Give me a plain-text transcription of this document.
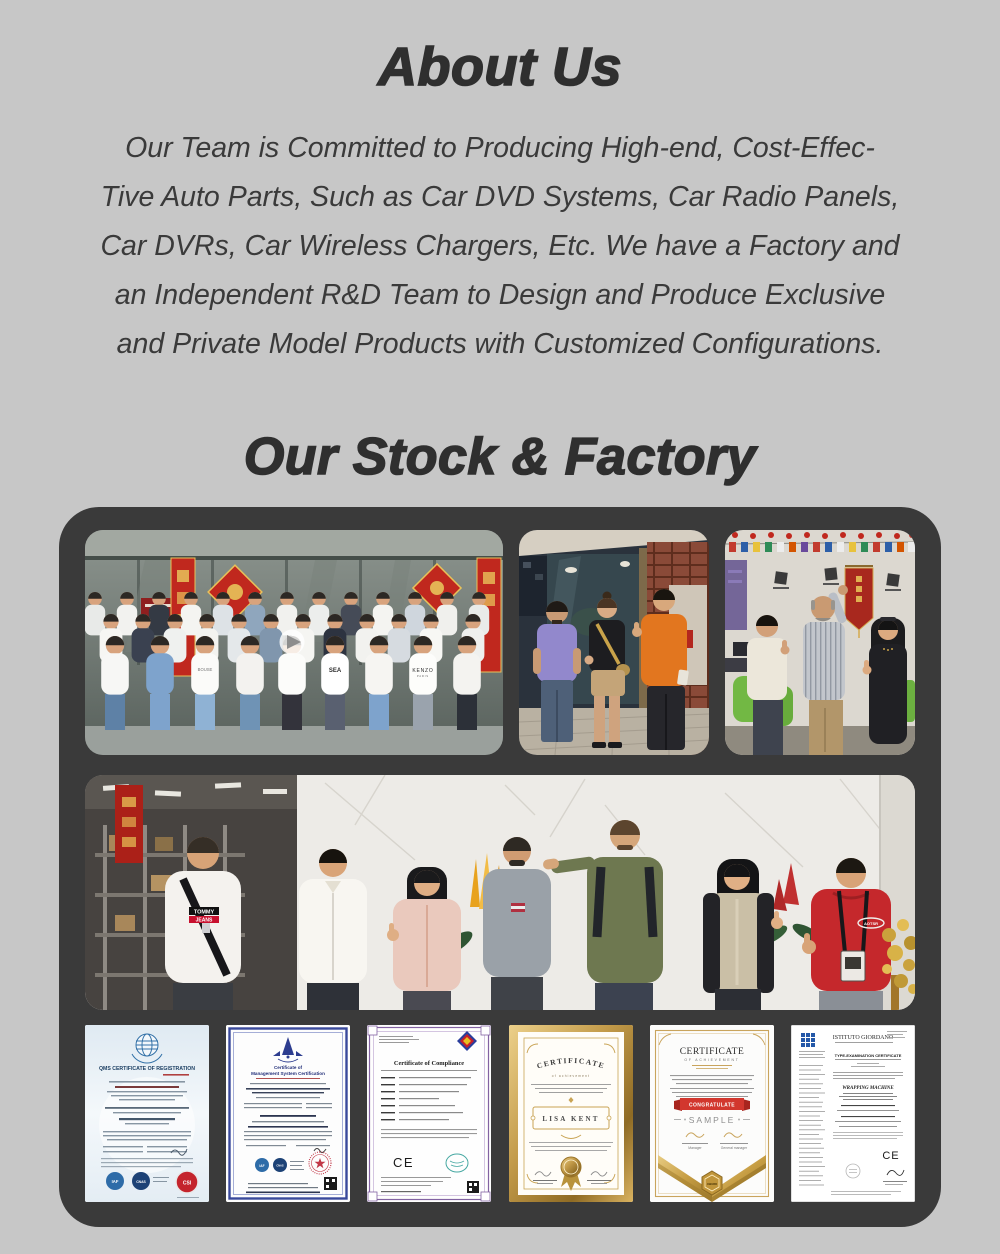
About Us
Our Team is Committed to Producing High-end, Cost-Effec-
Tive Auto Parts, Such as Car DVD Systems, Car Radio Panels,
Car DVRs, Car Wireless Chargers, Etc. We have a Factory and
an Independent R&D Team to Design and Produce Exclusive
and Private Model Products with Customized Configurations.
Our Stock & Factory
BOUSE	SEA	KENZO
PARIS
TOMMY
JEANS	AOTSR
QMS CERTIFICATE OF REGISTRATION
IAF	CNAS	CSI
Certificate of
Management System Certification
IAF	CNAS
Certificate of Compliance
CE
CERTIFICATE
of achievement
LISA KENT
CERTIFICATE
OF ACHIEVEMENT
CONGRATULATE
SAMPLE
Manager	General manager
AWARD
ISTITUTO GIORDANO
TYPE-EXAMINATION CERTIFICATE
WRAPPING MACHINE
CE
